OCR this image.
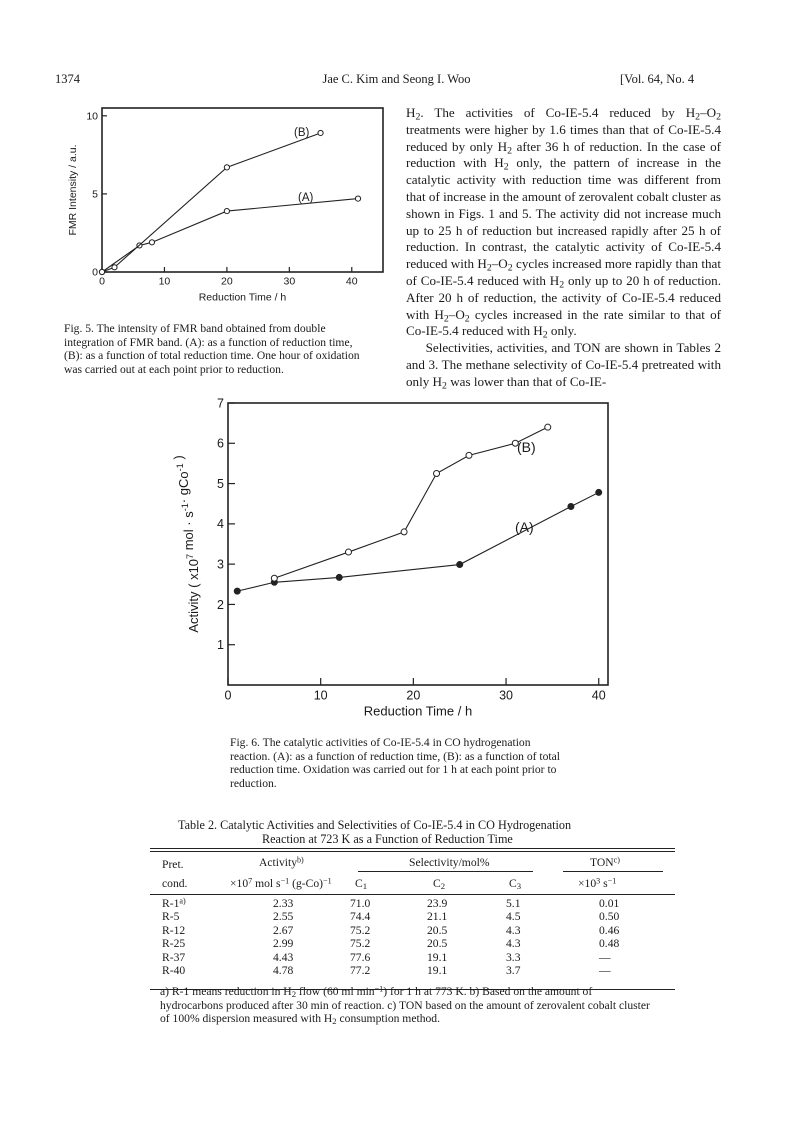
1374	Jae C. Kim and Seong I. Woo	[Vol. 64, No. 4
0	10	20	30	40
0
5
10
Reduction Time / h
FMR Intensity / a.u.	(A)
(B)
Fig. 5. The intensity of FMR band obtained from double integration of FMR band. (A): as a function of reduction time, (B): as a function of total reduction time. One hour of oxidation was carried out at each point prior to reduction.

$H_2$. The activities of Co-IE-5.4 reduced by $H_2-O_2$ treatments were higher by 1.6 times than that of Co-IE-5.4 reduced by only $H_2$ after 36 h of reduction. In the case of reduction with $H_2$ only, the pattern of increase in the catalytic activity with reduction time was different from that of increase in the amount of zerovalent cobalt cluster as shown in Figs. 1 and 5. The activity did not increase much up to 25 h of reduction but increased rapidly after 25 h of reduction. In contrast, the catalytic activity of Co-IE-5.4 reduced with $H_2-O_2$ cycles increased more rapidly than that of Co-IE-5.4 reduced with $H_2$ only up to 20 h of reduction. After 20 h of reduction, the activity of Co-IE-5.4 reduced with $H_2-O_2$ cycles increased in the rate similar to that of Co-IE-5.4 reduced with $H_2$ only.

Selectivities, activities, and TON are shown in Tables 2 and 3. The methane selectivity of Co-IE-5.4 pretreated with only $H_2$ was lower than that of Co-IE-

0	10	20	30	40
1
2
3
4
5
6
7
Reduction Time / h
Activity ( $x10^7$ mol · $s^{-1}\cdot gCo^{-1}$ )
(A)
(B)
Fig. 6. The catalytic activities of Co-IE-5.4 in CO hydrogenation reaction. (A): as a function of reduction time, (B): as a function of total reduction time. Oxidation was carried out for 1 h at each point prior to reduction.
Table 2. Catalytic Activities and Selectivities of Co-IE-5.4 in CO Hydrogenation
Reaction at 723 K as a Function of Reduction Time
Pret.
cond.
Activity$^{b)}$
$\times 10^7$ mol $s^{-1}$ $(g-Co)^{-1}$
Selectivity/mol%
$C_1$	$C_2$	$C_3$
$TON^{c)}$
$\times 10^3$ $s^{-1}$
R-1$^{a)}$	2.33	71.0	23.9	5.1	0.01
R-5	2.55	74.4	21.1	4.5	0.50
R-12	2.67	75.2	20.5	4.3	0.46
R-25	2.99	75.2	20.5	4.3	0.48
R-37	4.43	77.6	19.1	3.3	—
R-40	4.78	77.2	19.1	3.7	—
a) R-1 means reduction in $H_2$ flow (60 ml $\min^{-1}$) for 1 h at 773 K. b) Based on the amount of hydrocarbons produced after 30 min of reaction. c) TON based on the amount of zerovalent cobalt cluster of 100% dispersion measured with $H_2$ consumption method.
